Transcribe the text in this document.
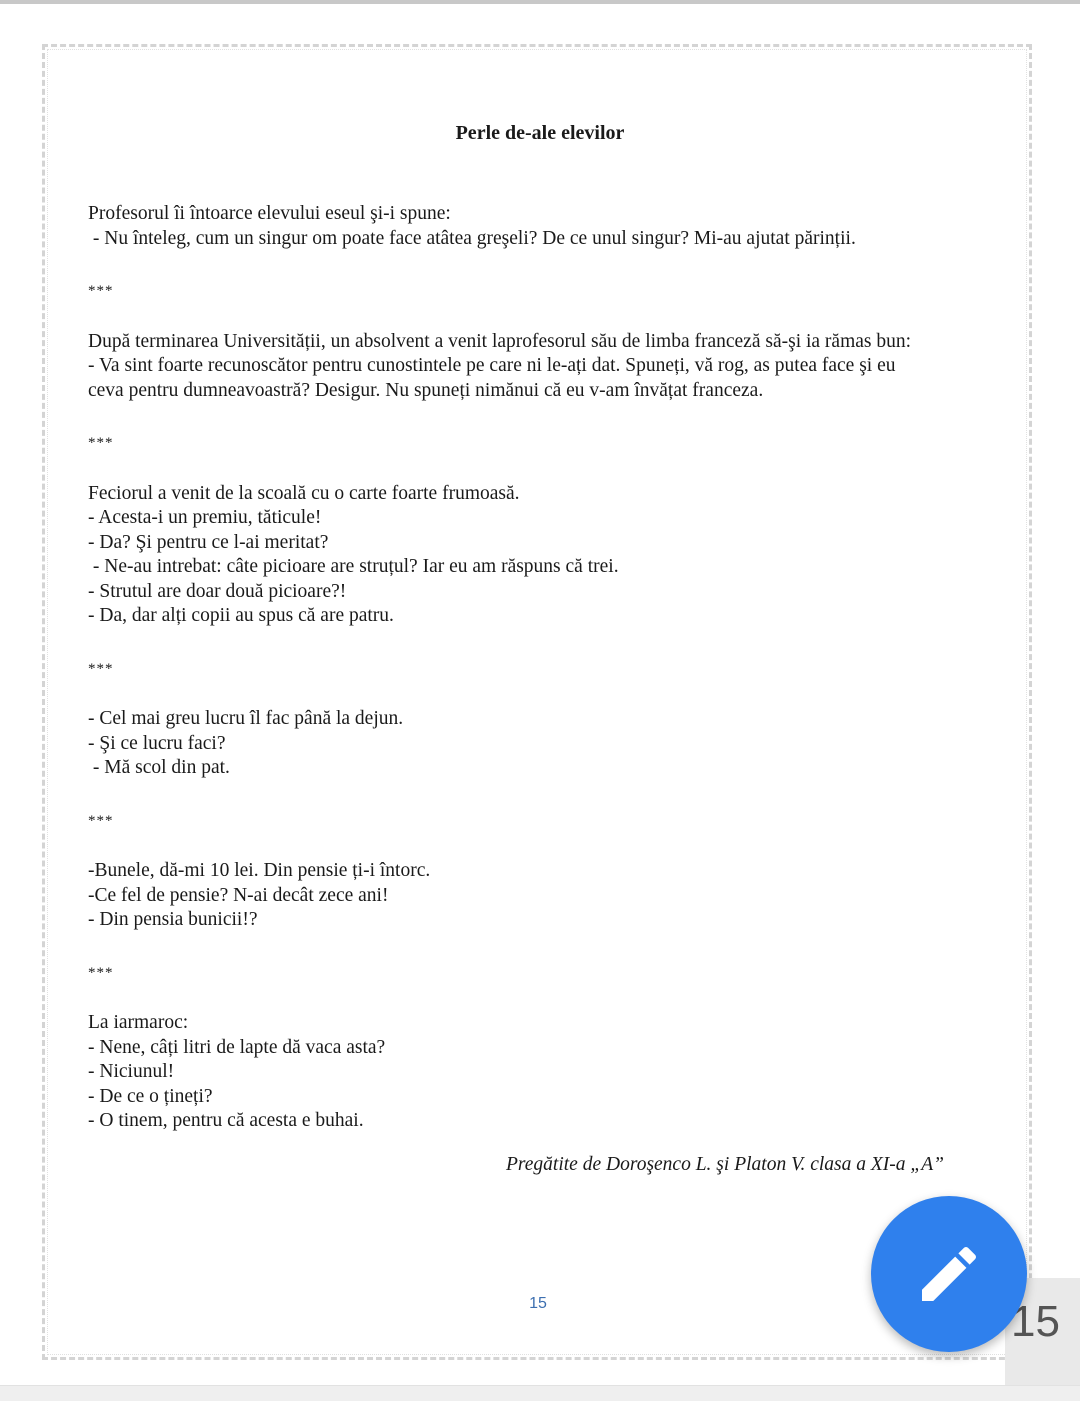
Perle de-ale elevilor

Profesorul îi întoarce elevului eseul şi-i spune:

- Nu înteleg, cum un singur om poate face atâtea greşeli? De ce unul singur? Mi-au ajutat părinții.

***

După terminarea Universității, un absolvent a venit laprofesorul său de limba franceză să-şi ia rămas bun:

- Va sint foarte recunoscător pentru cunostintele pe care ni le-ați dat. Spuneți, vă rog, as putea face şi eu

ceva pentru dumneavoastră? Desigur. Nu spuneți nimănui că eu v-am învățat franceza.

***

Feciorul a venit de la scoală cu o carte foarte frumoasă.

- Acesta-i un premiu, tăticule!

- Da? Şi pentru ce l-ai meritat?

- Ne-au intrebat: câte picioare are struțul? Iar eu am răspuns că trei.

- Strutul are doar două picioare?!

- Da, dar alți copii au spus că are patru.

***

- Cel mai greu lucru îl fac până la dejun.

- Şi ce lucru faci?

- Mă scol din pat.

***

-Bunele, dă-mi 10 lei. Din pensie ți-i întorc.

-Ce fel de pensie? N-ai decât zece ani!

- Din pensia bunicii!?

***

La iarmaroc:

- Nene, câți litri de lapte dă vaca asta?

- Niciunul!

- De ce o țineți?

- O tinem, pentru că acesta e buhai.

Pregătite de Doroşenco L. şi Platon V. clasa a XI-a „A”
15	15
